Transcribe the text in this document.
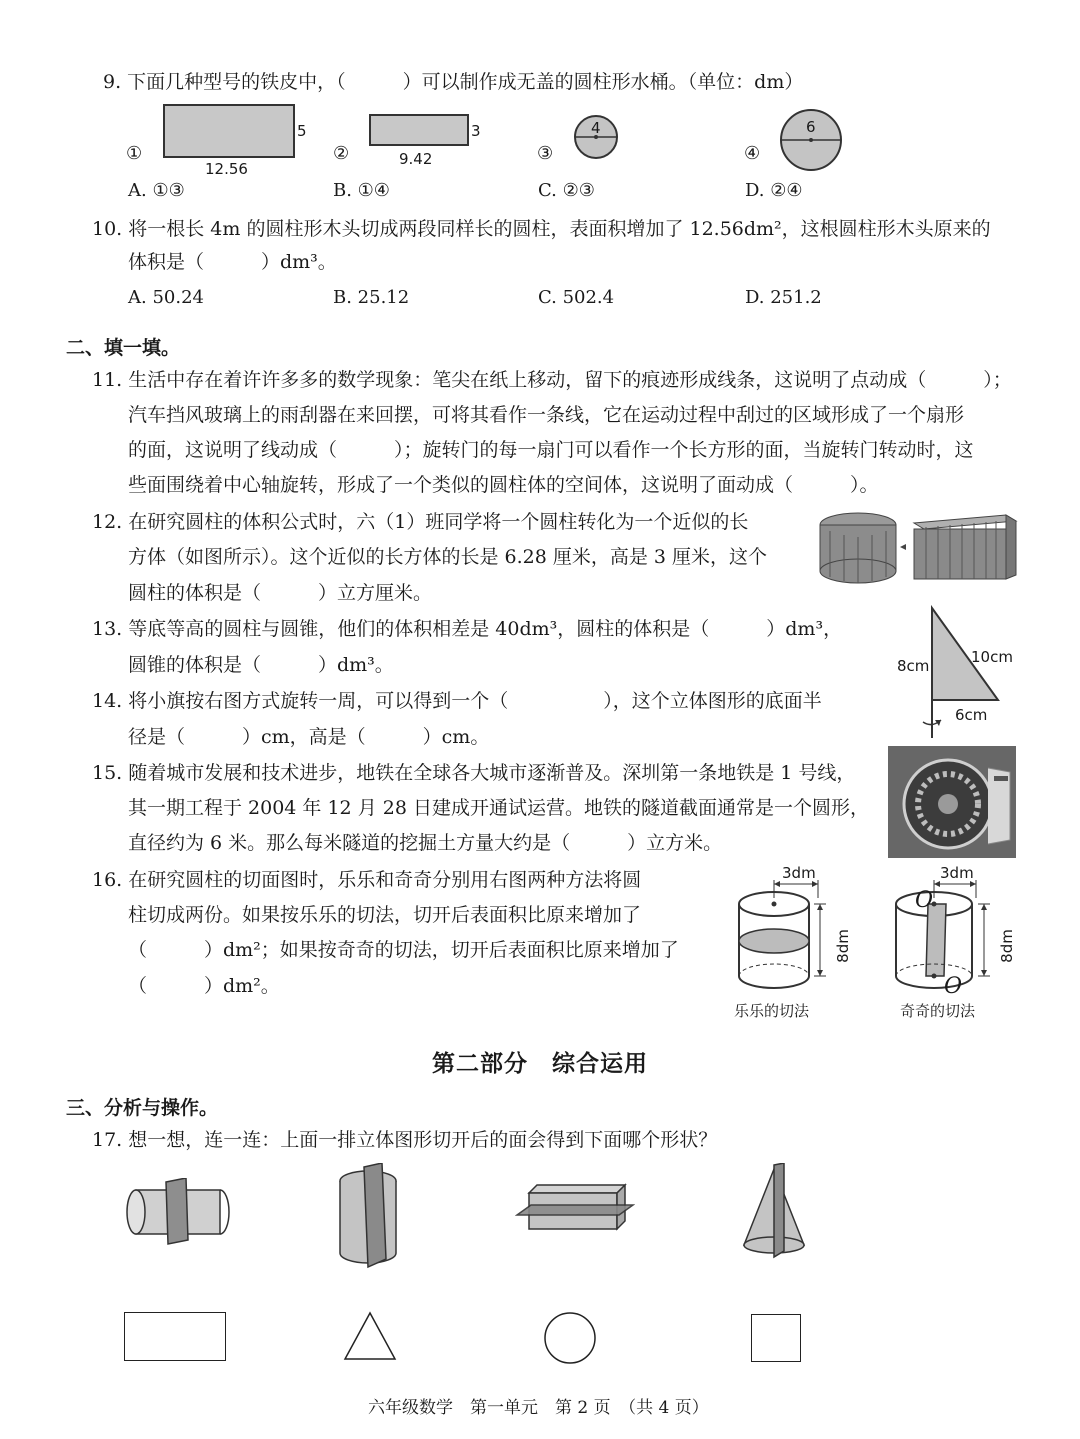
9. 下面几种型号的铁皮中，（　　　）可以制作成无盖的圆柱形水桶。（单位：dm）
①
5
12.56
②
3
9.42	③
4
④
6
A. ①③	B. ①④	C. ②③	D. ②④
10. 将一根长 4m 的圆柱形木头切成两段同样长的圆柱，表面积增加了 12.56dm²，这根圆柱形木头原来的
体积是（　　　）dm³。
A. 50.24	B. 25.12	C. 502.4	D. 251.2
二、填一填。
11. 生活中存在着许许多多的数学现象：笔尖在纸上移动，留下的痕迹形成线条，这说明了点动成（　　　）；
汽车挡风玻璃上的雨刮器在来回摆，可将其看作一条线，它在运动过程中刮过的区域形成了一个扇形
的面，这说明了线动成（　　　）；旋转门的每一扇门可以看作一个长方形的面，当旋转门转动时，这
些面围绕着中心轴旋转，形成了一个类似的圆柱体的空间体，这说明了面动成（　　　）。
12. 在研究圆柱的体积公式时，六（1）班同学将一个圆柱转化为一个近似的长
方体（如图所示）。这个近似的长方体的长是 6.28 厘米，高是 3 厘米，这个
圆柱的体积是（　　　）立方厘米。
13. 等底等高的圆柱与圆锥，他们的体积相差是 40dm³，圆柱的体积是（　　　）dm³，
圆锥的体积是（　　　）dm³。	8cm	10cm
6cm
14. 将小旗按右图方式旋转一周，可以得到一个（　　　　　），这个立体图形的底面半
径是（　　　）cm，高是（　　　）cm。
15. 随着城市发展和技术进步，地铁在全球各大城市逐渐普及。深圳第一条地铁是 1 号线，
其一期工程于 2004 年 12 月 28 日建成开通试运营。地铁的隧道截面通常是一个圆形，
直径约为 6 米。那么每米隧道的挖掘土方量大约是（　　　）立方米。
16. 在研究圆柱的切面图时，乐乐和奇奇分别用右图两种方法将圆
柱切成两份。如果按乐乐的切法，切开后表面积比原来增加了
（　　　）dm²；如果按奇奇的切法，切开后表面积比原来增加了
（　　　）dm²。
3dm
8dm
乐乐的切法
3dm
O
O
8dm
奇奇的切法
第二部分　综合运用
三、分析与操作。
17. 想一想，连一连：上面一排立体图形切开后的面会得到下面哪个形状？
六年级数学　第一单元　第 2 页　（共 4 页）
